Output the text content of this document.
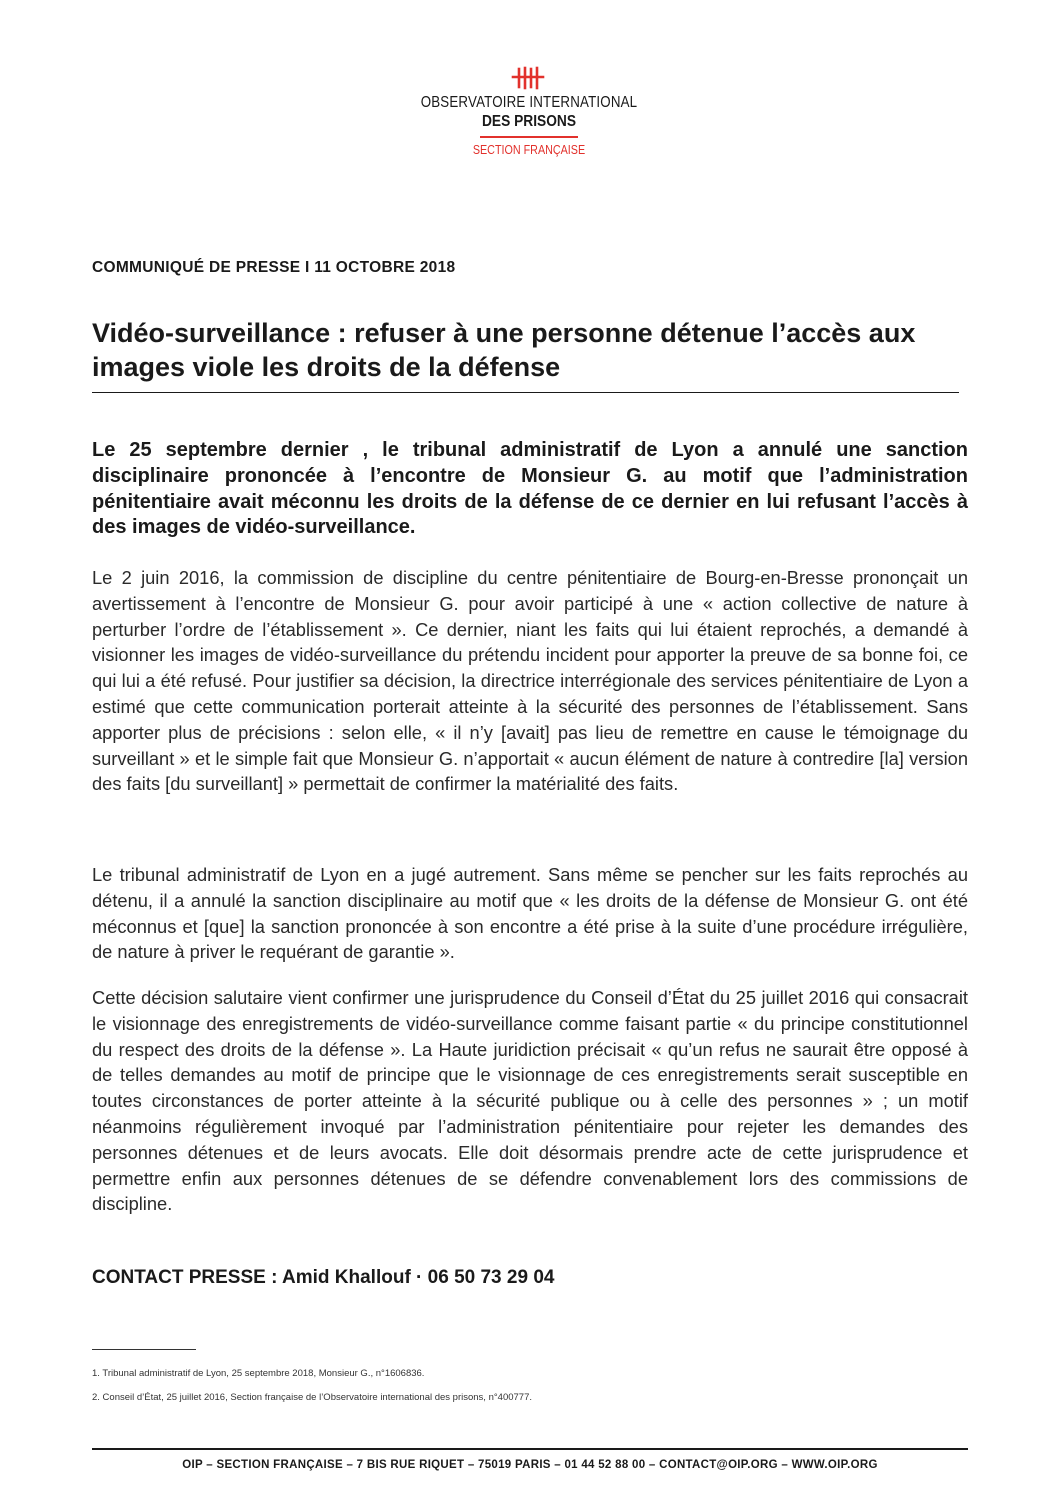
OBSERVATOIRE INTERNATIONAL
DES PRISONS
SECTION FRANÇAISE
COMMUNIQUÉ DE PRESSE I 11 OCTOBRE 2018
Vidéo-surveillance : refuser à une personne détenue l’accès aux images viole les droits de la défense

Le 25 septembre dernier , le tribunal administratif de Lyon a annulé une sanction disciplinaire prononcée à l’encontre de Monsieur G. au motif que l’administration pénitentiaire avait méconnu les droits de la défense de ce dernier en lui refusant l’accès à des images de vidéo-surveillance.

Le 2 juin 2016, la commission de discipline du centre pénitentiaire de Bourg-en-Bresse prononçait un avertissement à l’encontre de Monsieur G. pour avoir participé à une « action collective de nature à perturber l’ordre de l’établissement ». Ce dernier, niant les faits qui lui étaient reprochés, a demandé à visionner les images de vidéo-surveillance du prétendu incident pour apporter la preuve de sa bonne foi, ce qui lui a été refusé. Pour justifier sa décision, la directrice interrégionale des services pénitentiaire de Lyon a estimé que cette communication porterait atteinte à la sécurité des personnes de l’établissement. Sans apporter plus de précisions : selon elle, « il n’y [avait] pas lieu de remettre en cause le témoignage du surveillant » et le simple fait que Monsieur G. n’apportait « aucun élément de nature à contredire [la] version des faits [du surveillant] » permettait de confirmer la matérialité des faits.

Le tribunal administratif de Lyon en a jugé autrement. Sans même se pencher sur les faits reprochés au détenu, il a annulé la sanction disciplinaire au motif que « les droits de la défense de Monsieur G. ont été méconnus et [que] la sanction prononcée à son encontre a été prise à la suite d’une procédure irrégulière, de nature à priver le requérant de garantie ».

Cette décision salutaire vient confirmer une jurisprudence du Conseil d’État du 25 juillet 2016 qui consacrait le visionnage des enregistrements de vidéo-surveillance comme faisant partie « du principe constitutionnel du respect des droits de la défense ». La Haute juridiction précisait « qu’un refus ne saurait être opposé à de telles demandes au motif de principe que le visionnage de ces enregistrements serait susceptible en toutes circonstances de porter atteinte à la sécurité publique ou à celle des personnes » ; un motif néanmoins régulièrement invoqué par l’administration pénitentiaire pour rejeter les demandes des personnes détenues et de leurs avocats. Elle doit désormais prendre acte de cette jurisprudence et permettre enfin aux personnes détenues de se défendre convenablement lors des commissions de discipline.

CONTACT PRESSE : Amid Khallouf · 06 50 73 29 04
1. Tribunal administratif de Lyon, 25 septembre 2018, Monsieur G., n°1606836.
2. Conseil d’État, 25 juillet 2016, Section française de l’Observatoire international des prisons, n°400777.
OIP – SECTION FRANÇAISE – 7 BIS RUE RIQUET – 75019 PARIS – 01 44 52 88 00 – CONTACT@OIP.ORG – WWW.OIP.ORG
